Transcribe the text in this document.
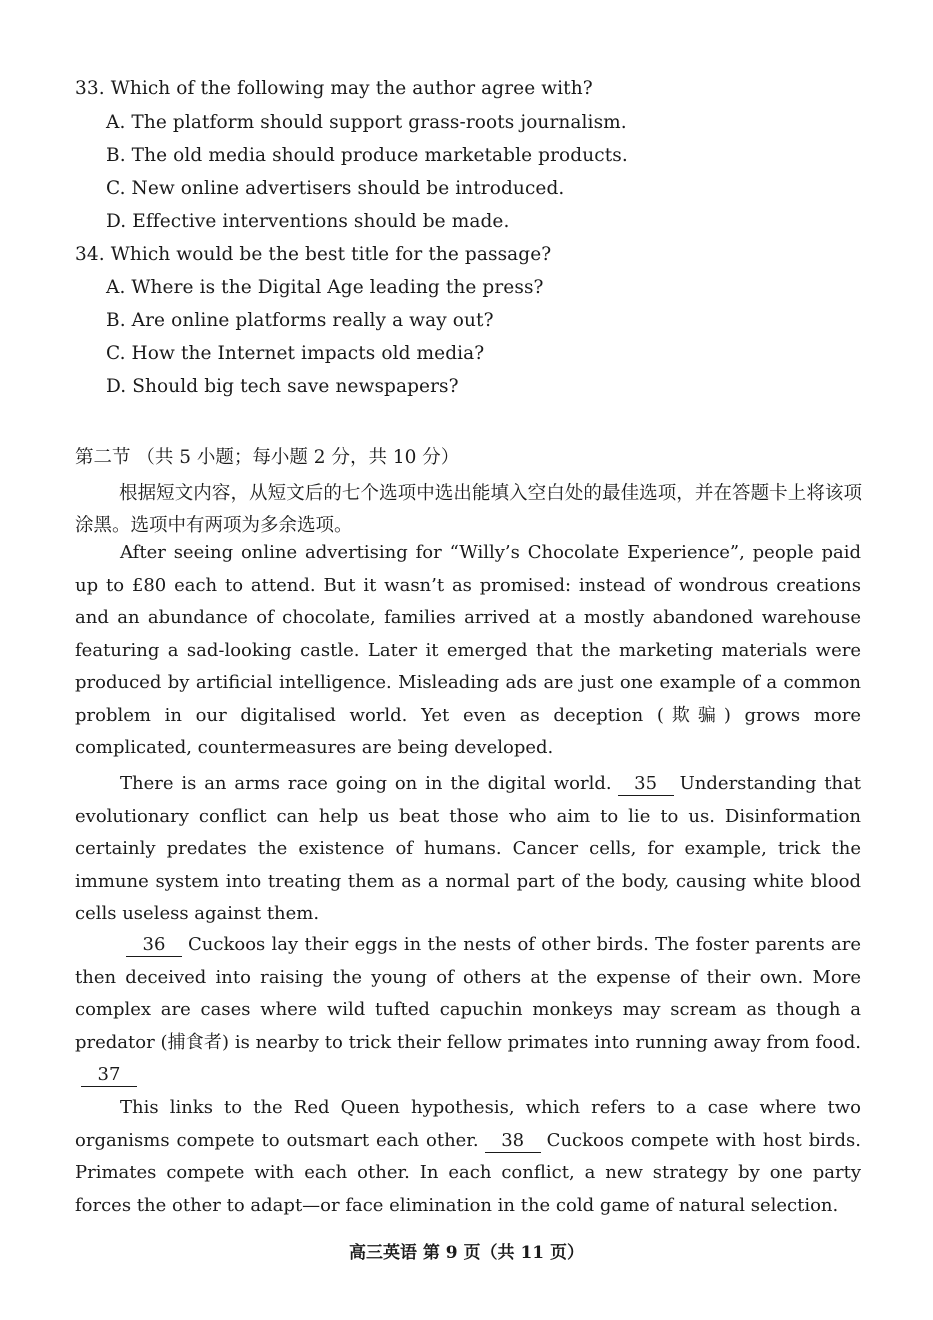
33. Which of the following may the author agree with?
A. The platform should support grass-roots journalism.
B. The old media should produce marketable products.
C. New online advertisers should be introduced.
D. Effective interventions should be made.
34. Which would be the best title for the passage?
A. Where is the Digital Age leading the press?
B. Are online platforms really a way out?
C. How the Internet impacts old media?
D. Should big tech save newspapers?
第二节 （共 5 小题；每小题 2 分，共 10 分）

根据短文内容，从短文后的七个选项中选出能填入空白处的最佳选项，并在答题卡上将该项涂黑。选项中有两项为多余选项。

After seeing online advertising for “Willy’s Chocolate Experience”, people paid up to £80 each to attend. But it wasn’t as promised: instead of wondrous creations and an abundance of chocolate, families arrived at a mostly abandoned warehouse featuring a sad-looking castle. Later it emerged that the marketing materials were produced by artificial intelligence. Misleading ads are just one example of a common problem in our digitalised world. Yet even as deception (欺骗) grows more complicated, countermeasures are being developed.

There is an arms race going on in the digital world. 35 Understanding that evolutionary conflict can help us beat those who aim to lie to us. Disinformation certainly predates the existence of humans. Cancer cells, for example, trick the immune system into treating them as a normal part of the body, causing white blood cells useless against them.

36 Cuckoos lay their eggs in the nests of other birds. The foster parents are then deceived into raising the young of others at the expense of their own. More complex are cases where wild tufted capuchin monkeys may scream as though a predator (捕食者) is nearby to trick their fellow primates into running away from food.37

This links to the Red Queen hypothesis, which refers to a case where two organisms compete to outsmart each other. 38 Cuckoos compete with host birds. Primates compete with each other. In each conflict, a new strategy by one party forces the other to adapt—or face elimination in the cold game of natural selection.

高三英语 第 9 页（共 11 页）
